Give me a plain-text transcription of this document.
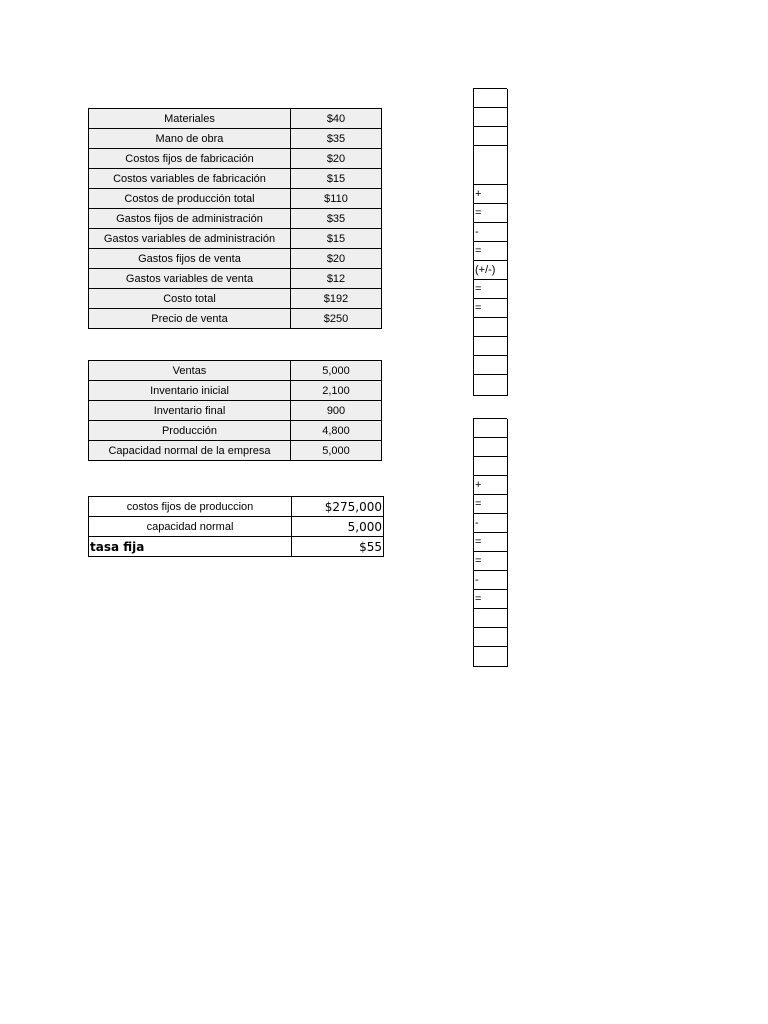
Materiales	$40
Mano de obra	$35
Costos fijos de fabricación	$20
Costos variables de fabricación	$15
Costos de producción total	$110
Gastos fijos de administración	$35
Gastos variables de administración	$15
Gastos fijos de venta	$20
Gastos variables de venta	$12
Costo total	$192
Precio de venta	$250
Ventas	5,000
Inventario inicial	2,100
Inventario final	900
Producción	4,800
Capacidad normal de la empresa	5,000
costos fijos de produccion	$275,000
capacidad normal	5,000
tasa fija	$55
+
=
-
=
(+/-)
=
=
+
=
-
=
=
-
=
